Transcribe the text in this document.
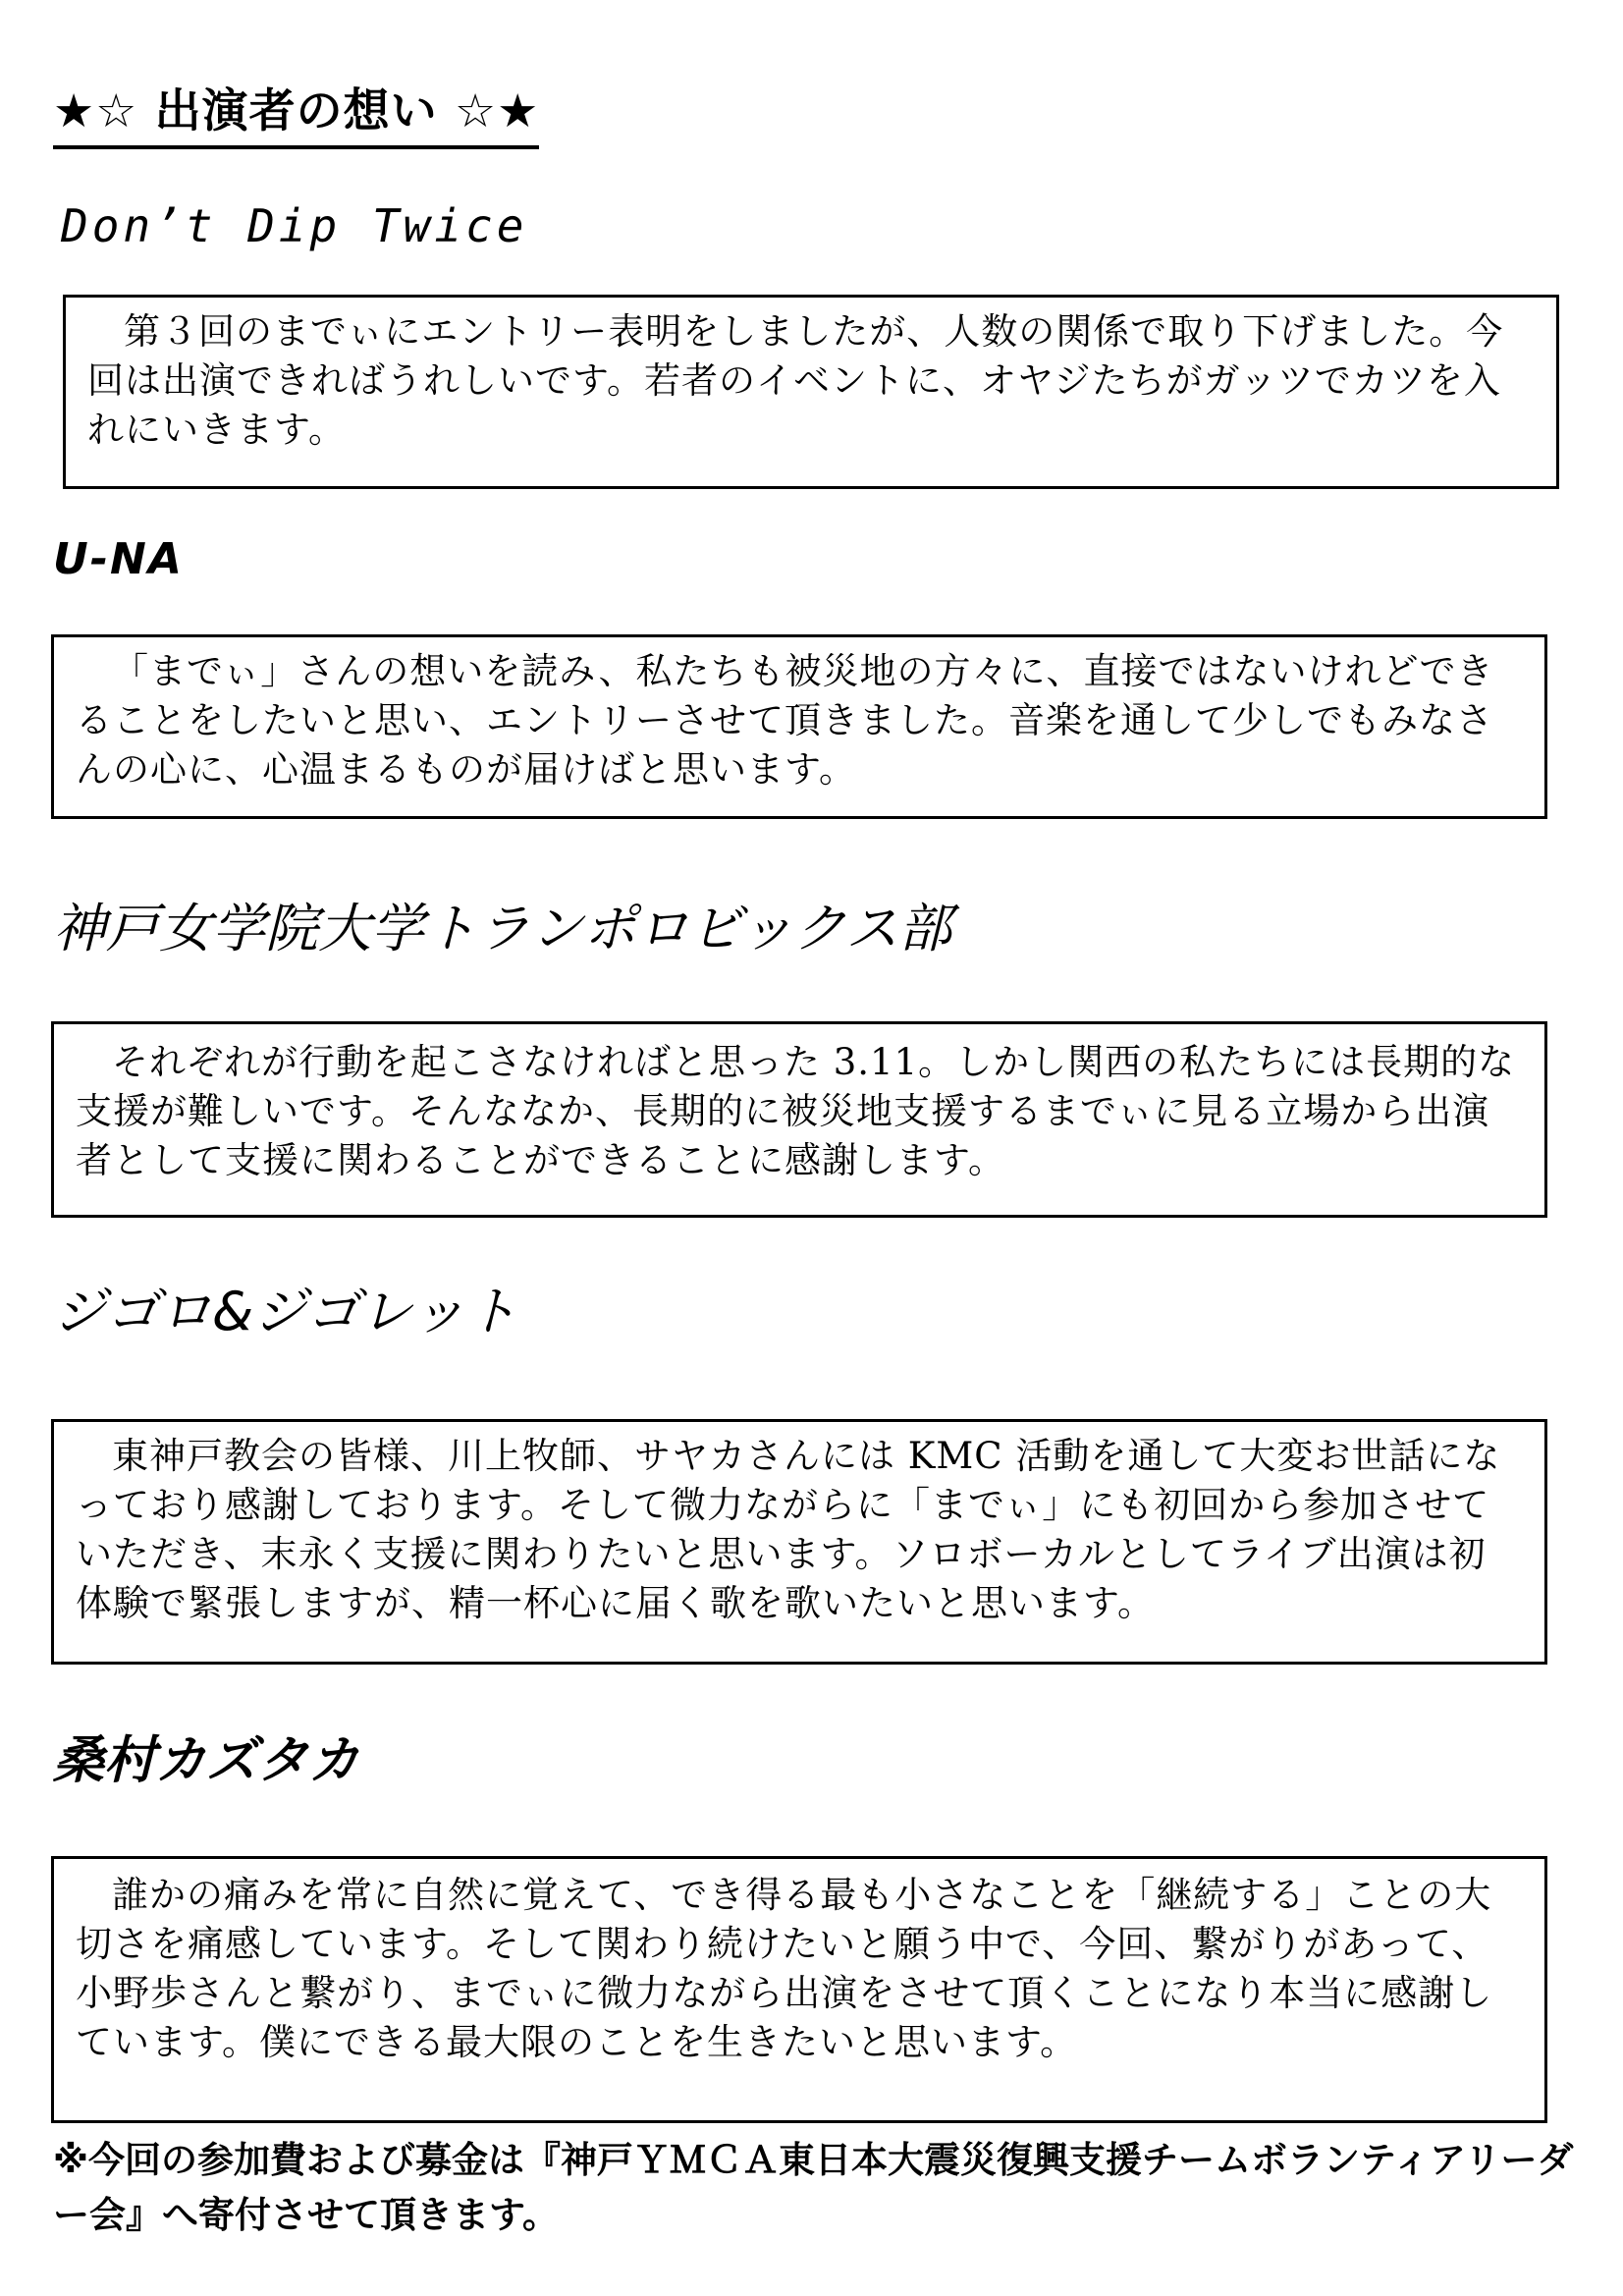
★☆ 出演者の想い ☆★
Don’t Dip Twice

第３回のまでぃにエントリー表明をしましたが、人数の関係で取り下げました。今回は出演できればうれしいです。若者のイベントに、オヤジたちがガッツでカツを入れにいきます。

U-NA

「までぃ」さんの想いを読み、私たちも被災地の方々に、直接ではないけれどできることをしたいと思い、エントリーさせて頂きました。音楽を通して少しでもみなさんの心に、心温まるものが届けばと思います。

神戸女学院大学トランポロビックス部

それぞれが行動を起こさなければと思った 3.11。しかし関西の私たちには長期的な支援が難しいです。そんななか、長期的に被災地支援するまでぃに見る立場から出演者として支援に関わることができることに感謝します。

ジゴロ&ジゴレット

東神戸教会の皆様、川上牧師、サヤカさんには KMC 活動を通して大変お世話になっており感謝しております。そして微力ながらに「までぃ」にも初回から参加させていただき、末永く支援に関わりたいと思います。ソロボーカルとしてライブ出演は初体験で緊張しますが、精一杯心に届く歌を歌いたいと思います。

桑村カズタカ

誰かの痛みを常に自然に覚えて、でき得る最も小さなことを「継続する」ことの大切さを痛感しています。そして関わり続けたいと願う中で、今回、繋がりがあって、小野歩さんと繋がり、までぃに微力ながら出演をさせて頂くことになり本当に感謝しています。僕にできる最大限のことを生きたいと思います。

※今回の参加費および募金は『神戸ＹＭＣＡ東日本大震災復興支援チームボランティアリーダー会』へ寄付させて頂きます。
